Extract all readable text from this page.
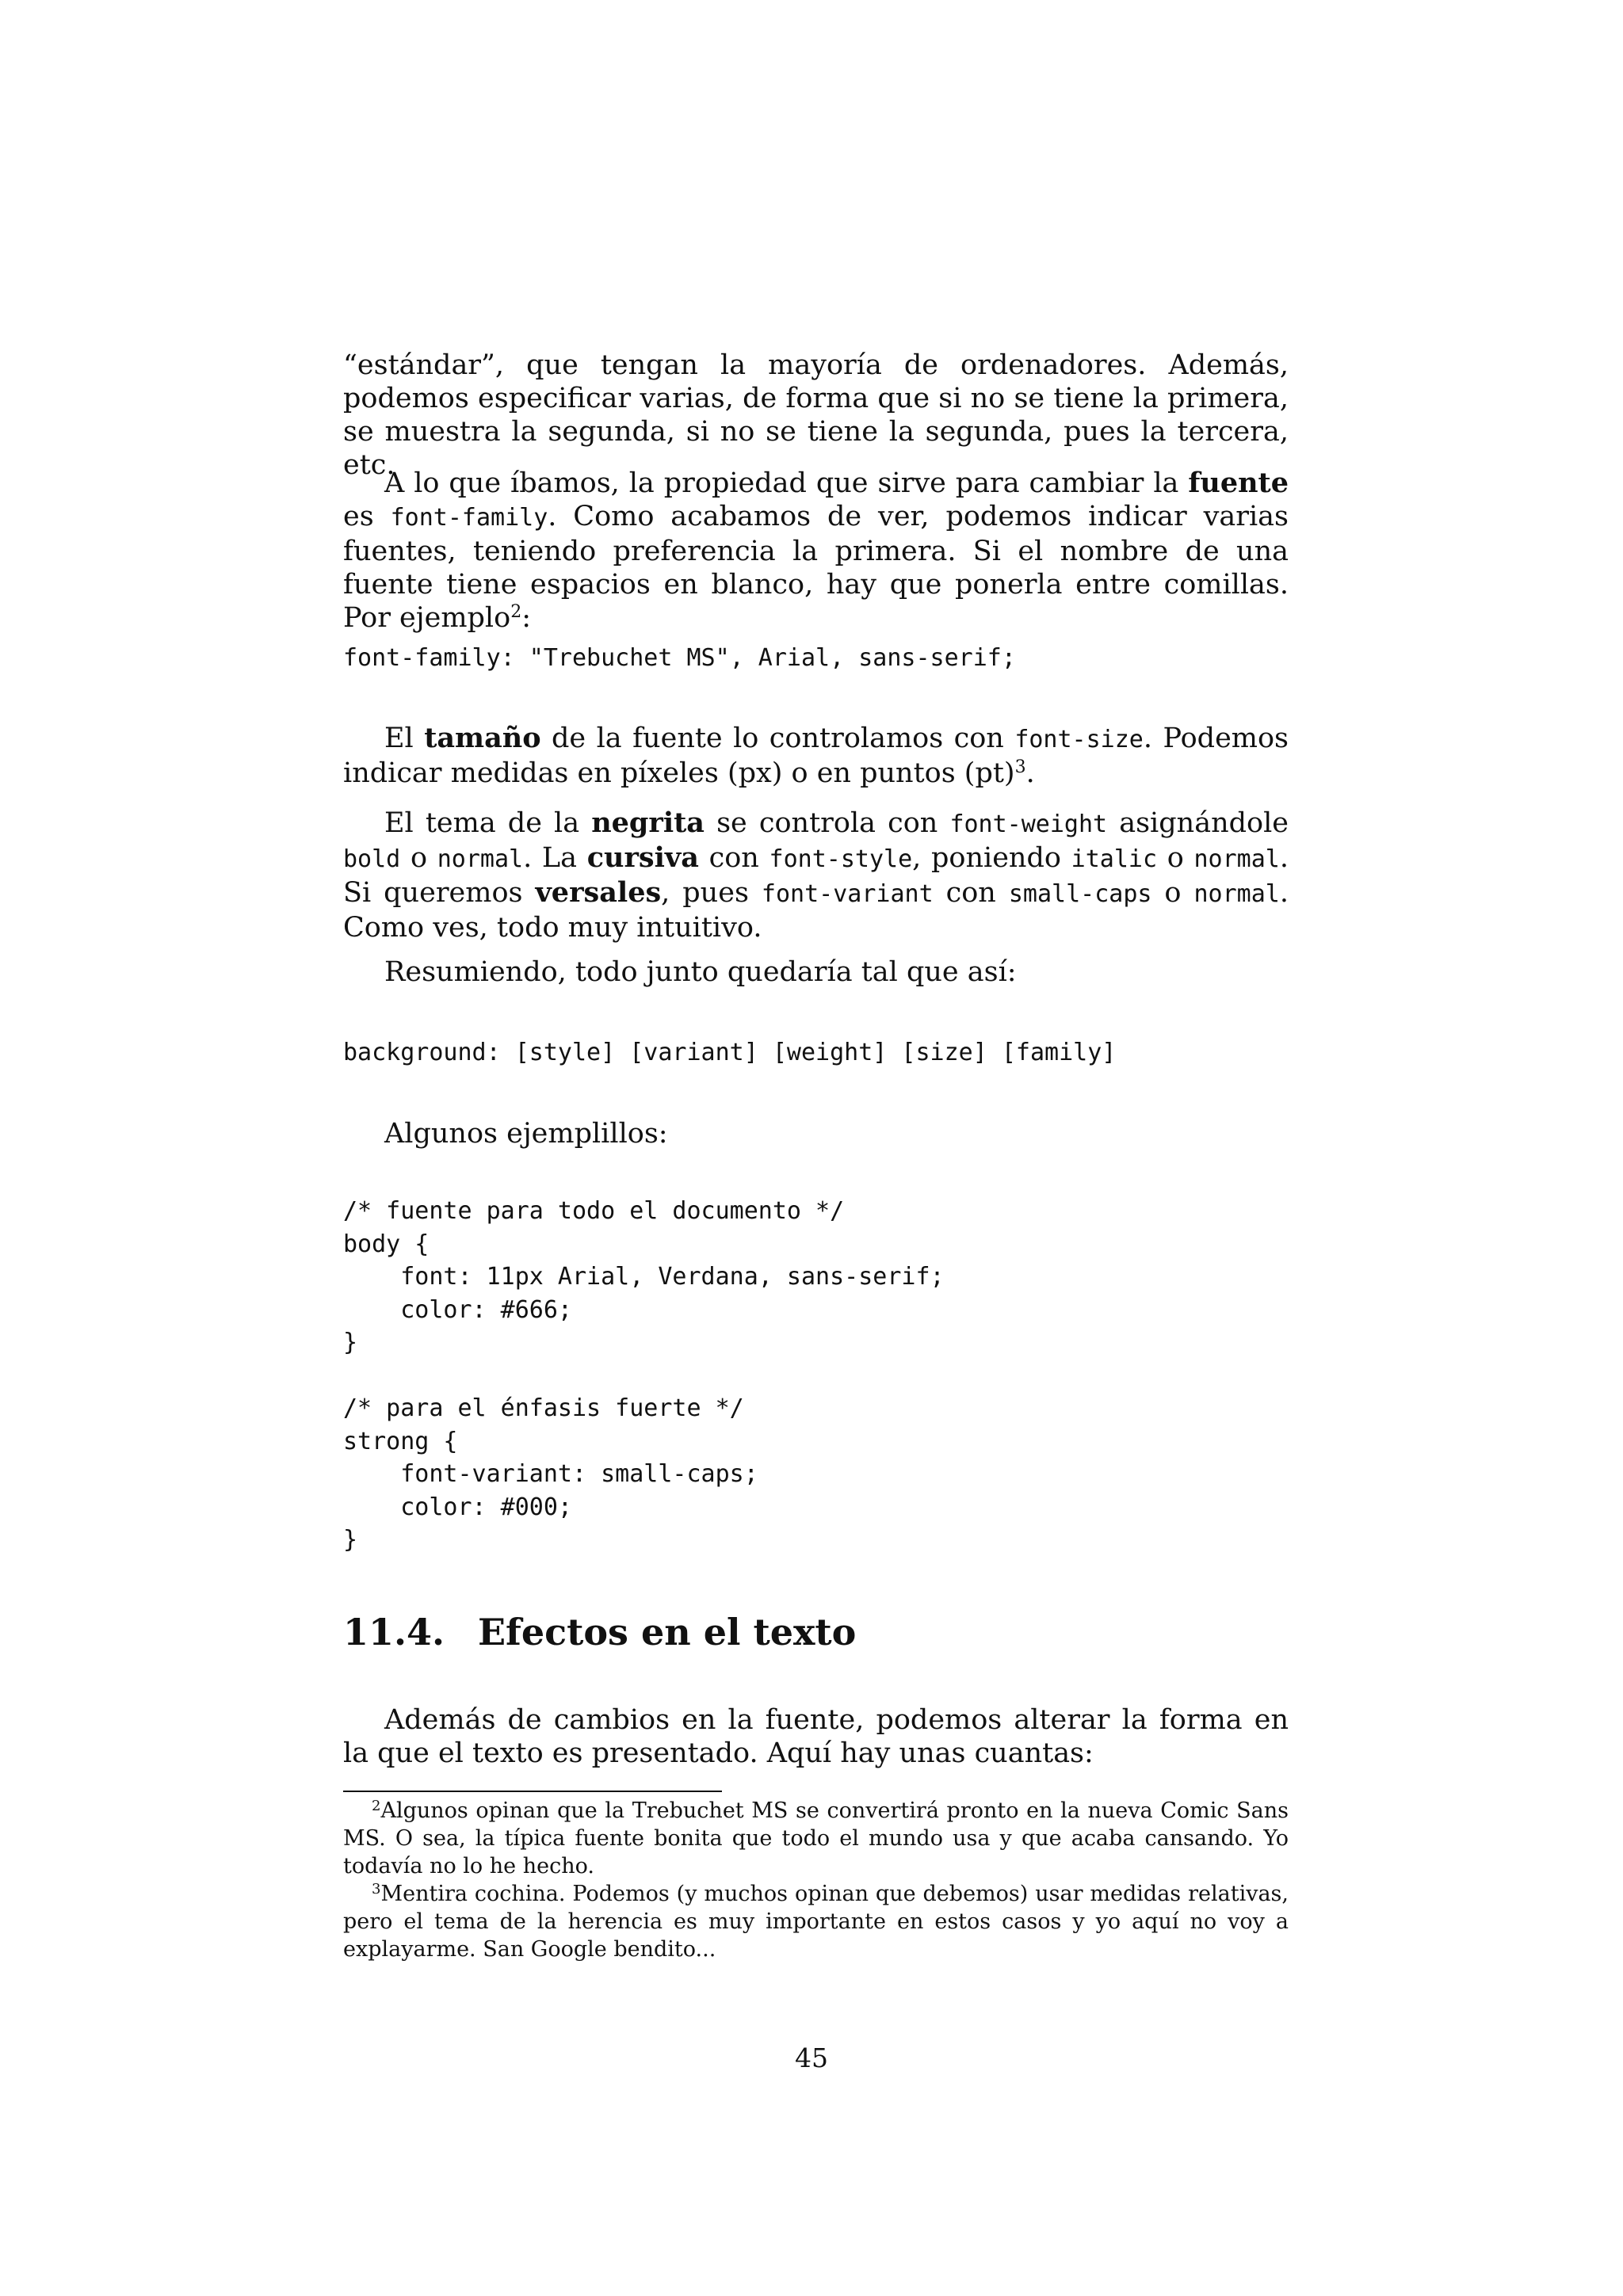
“estándar”, que tengan la mayoría de ordenadores. Además, podemos especificar varias, de forma que si no se tiene la primera, se muestra la segunda, si no se tiene la segunda, pues la tercera, etc.

A lo que íbamos, la propiedad que sirve para cambiar la fuente es font-family. Como acabamos de ver, podemos indicar varias fuentes, teniendo preferencia la primera. Si el nombre de una fuente tiene espacios en blanco, hay que ponerla entre comillas. Por ejemplo$^2$:

font-family: "Trebuchet MS", Arial, sans-serif;

El tamaño de la fuente lo controlamos con font-size. Podemos indicar medidas en píxeles (px) o en puntos (pt)$^3$.

El tema de la negrita se controla con font-weight asignándole bold o normal. La cursiva con font-style, poniendo italic o normal. Si queremos versales, pues font-variant con small-caps o normal. Como ves, todo muy intuitivo.

Resumiendo, todo junto quedaría tal que así:

background: [style] [variant] [weight] [size] [family]

Algunos ejemplillos:

/* fuente para todo el documento */
body {
font: 11px Arial, Verdana, sans-serif;
color: #666;
}

/* para el énfasis fuerte */
strong {
font-variant: small-caps;
color: #000;
}
11.4. Efectos en el texto

Además de cambios en la fuente, podemos alterar la forma en la que el texto es presentado. Aquí hay unas cuantas:

$^2$Algunos opinan que la Trebuchet MS se convertirá pronto en la nueva Comic Sans MS. O sea, la típica fuente bonita que todo el mundo usa y que acaba cansando. Yo todavía no lo he hecho.

$^3$Mentira cochina. Podemos (y muchos opinan que debemos) usar medidas relativas, pero el tema de la herencia es muy importante en estos casos y yo aquí no voy a explayarme. San Google bendito...

45
